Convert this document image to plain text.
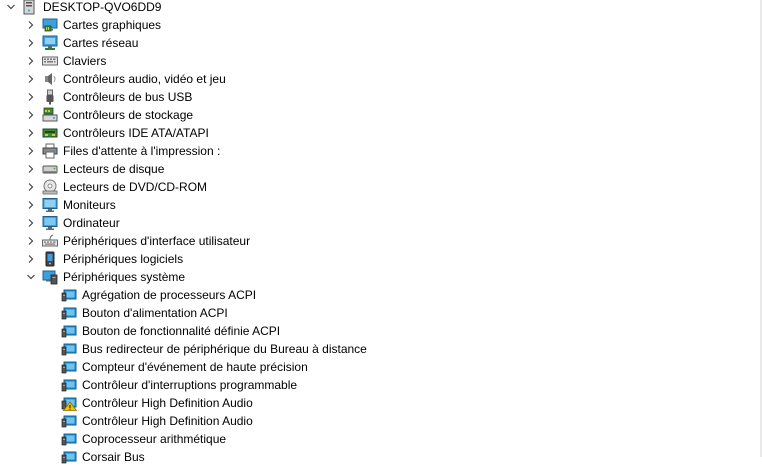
DESKTOP-QVO6DD9
Cartes graphiques
Cartes réseau
Claviers
Contrôleurs audio, vidéo et jeu
Contrôleurs de bus USB
Contrôleurs de stockage
Contrôleurs IDE ATA/ATAPI
Files d'attente à l'impression :
Lecteurs de disque
Lecteurs de DVD/CD-ROM
Moniteurs
Ordinateur
Périphériques d'interface utilisateur
Périphériques logiciels
Périphériques système
Agrégation de processeurs ACPI
Bouton d'alimentation ACPI
Bouton de fonctionnalité définie ACPI
Bus redirecteur de périphérique du Bureau à distance
Compteur d'événement de haute précision
Contrôleur d'interruptions programmable
Contrôleur High Definition Audio
Contrôleur High Definition Audio
Coprocesseur arithmétique
Corsair Bus
